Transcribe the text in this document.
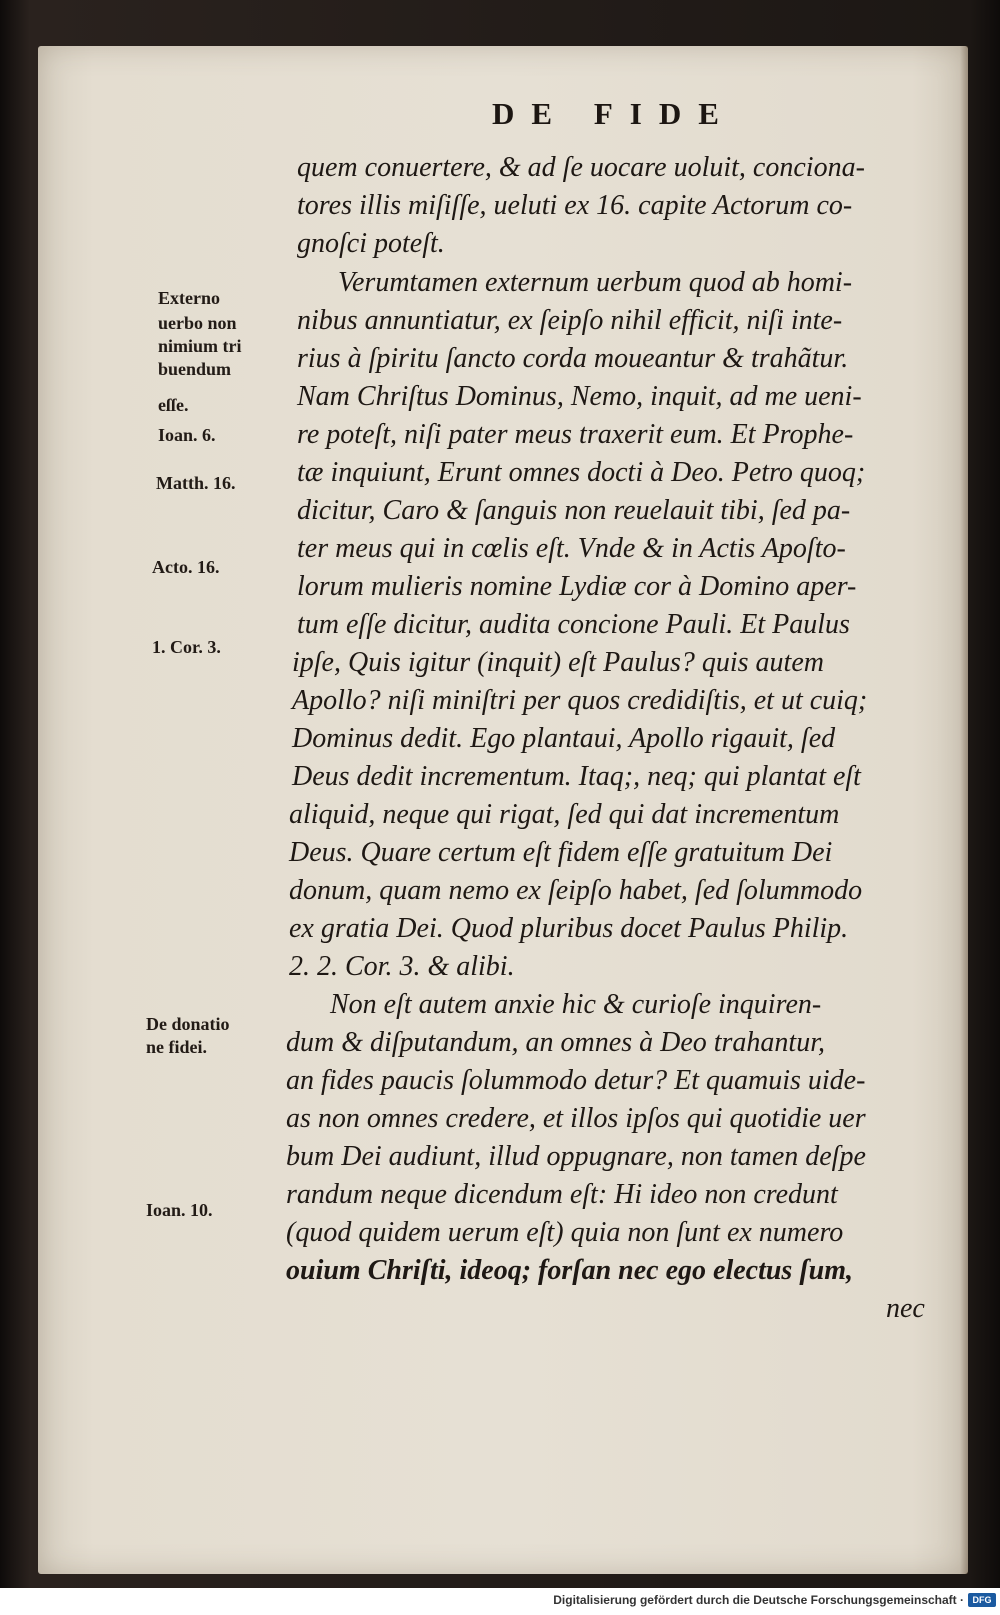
DE FIDE

quem conuertere, & ad ſe uocare uoluit, conciona-

tores illis miſiſſe, ueluti ex 16. capite Actorum co-

gnoſci poteſt.

Verumtamen externum uerbum quod ab homi-

nibus annuntiatur, ex ſeipſo nihil efficit, niſi inte-

rius à ſpiritu ſancto corda moueantur & trahãtur.

Nam Chriſtus Dominus, Nemo, inquit, ad me ueni-

re poteſt, niſi pater meus traxerit eum. Et Prophe-

tæ inquiunt, Erunt omnes docti à Deo. Petro quoq;

dicitur, Caro & ſanguis non reuelauit tibi, ſed pa-

ter meus qui in cœlis eſt. Vnde & in Actis Apoſto-

lorum mulieris nomine Lydiæ cor à Domino aper-

tum eſſe dicitur, audita concione Pauli. Et Paulus

ipſe, Quis igitur (inquit) eſt Paulus? quis autem

Apollo? niſi miniſtri per quos credidiſtis, et ut cuiq;

Dominus dedit. Ego plantaui, Apollo rigauit, ſed

Deus dedit incrementum. Itaq;, neq; qui plantat eſt

aliquid, neque qui rigat, ſed qui dat incrementum

Deus. Quare certum eſt fidem eſſe gratuitum Dei

donum, quam nemo ex ſeipſo habet, ſed ſolummodo

ex gratia Dei. Quod pluribus docet Paulus Philip.

2. 2. Cor. 3. & alibi.

Non eſt autem anxie hic & curioſe inquiren-

dum & diſputandum, an omnes à Deo trahantur,

an fides paucis ſolummodo detur? Et quamuis uide-

as non omnes credere, et illos ipſos qui quotidie uer

bum Dei audiunt, illud oppugnare, non tamen deſpe

randum neque dicendum eſt: Hi ideo non credunt

(quod quidem uerum eſt) quia non ſunt ex numero

ouium Chriſti, ideoq; forſan nec ego electus ſum,

nec

Externo

uerbo non

nimium tri

buendum

eſſe.

Ioan. 6.

Matth. 16.

Acto. 16.

1. Cor. 3.

De donatio

ne fidei.

Ioan. 10.

Digitalisierung gefördert durch die Deutsche Forschungsgemeinschaft · DFG
